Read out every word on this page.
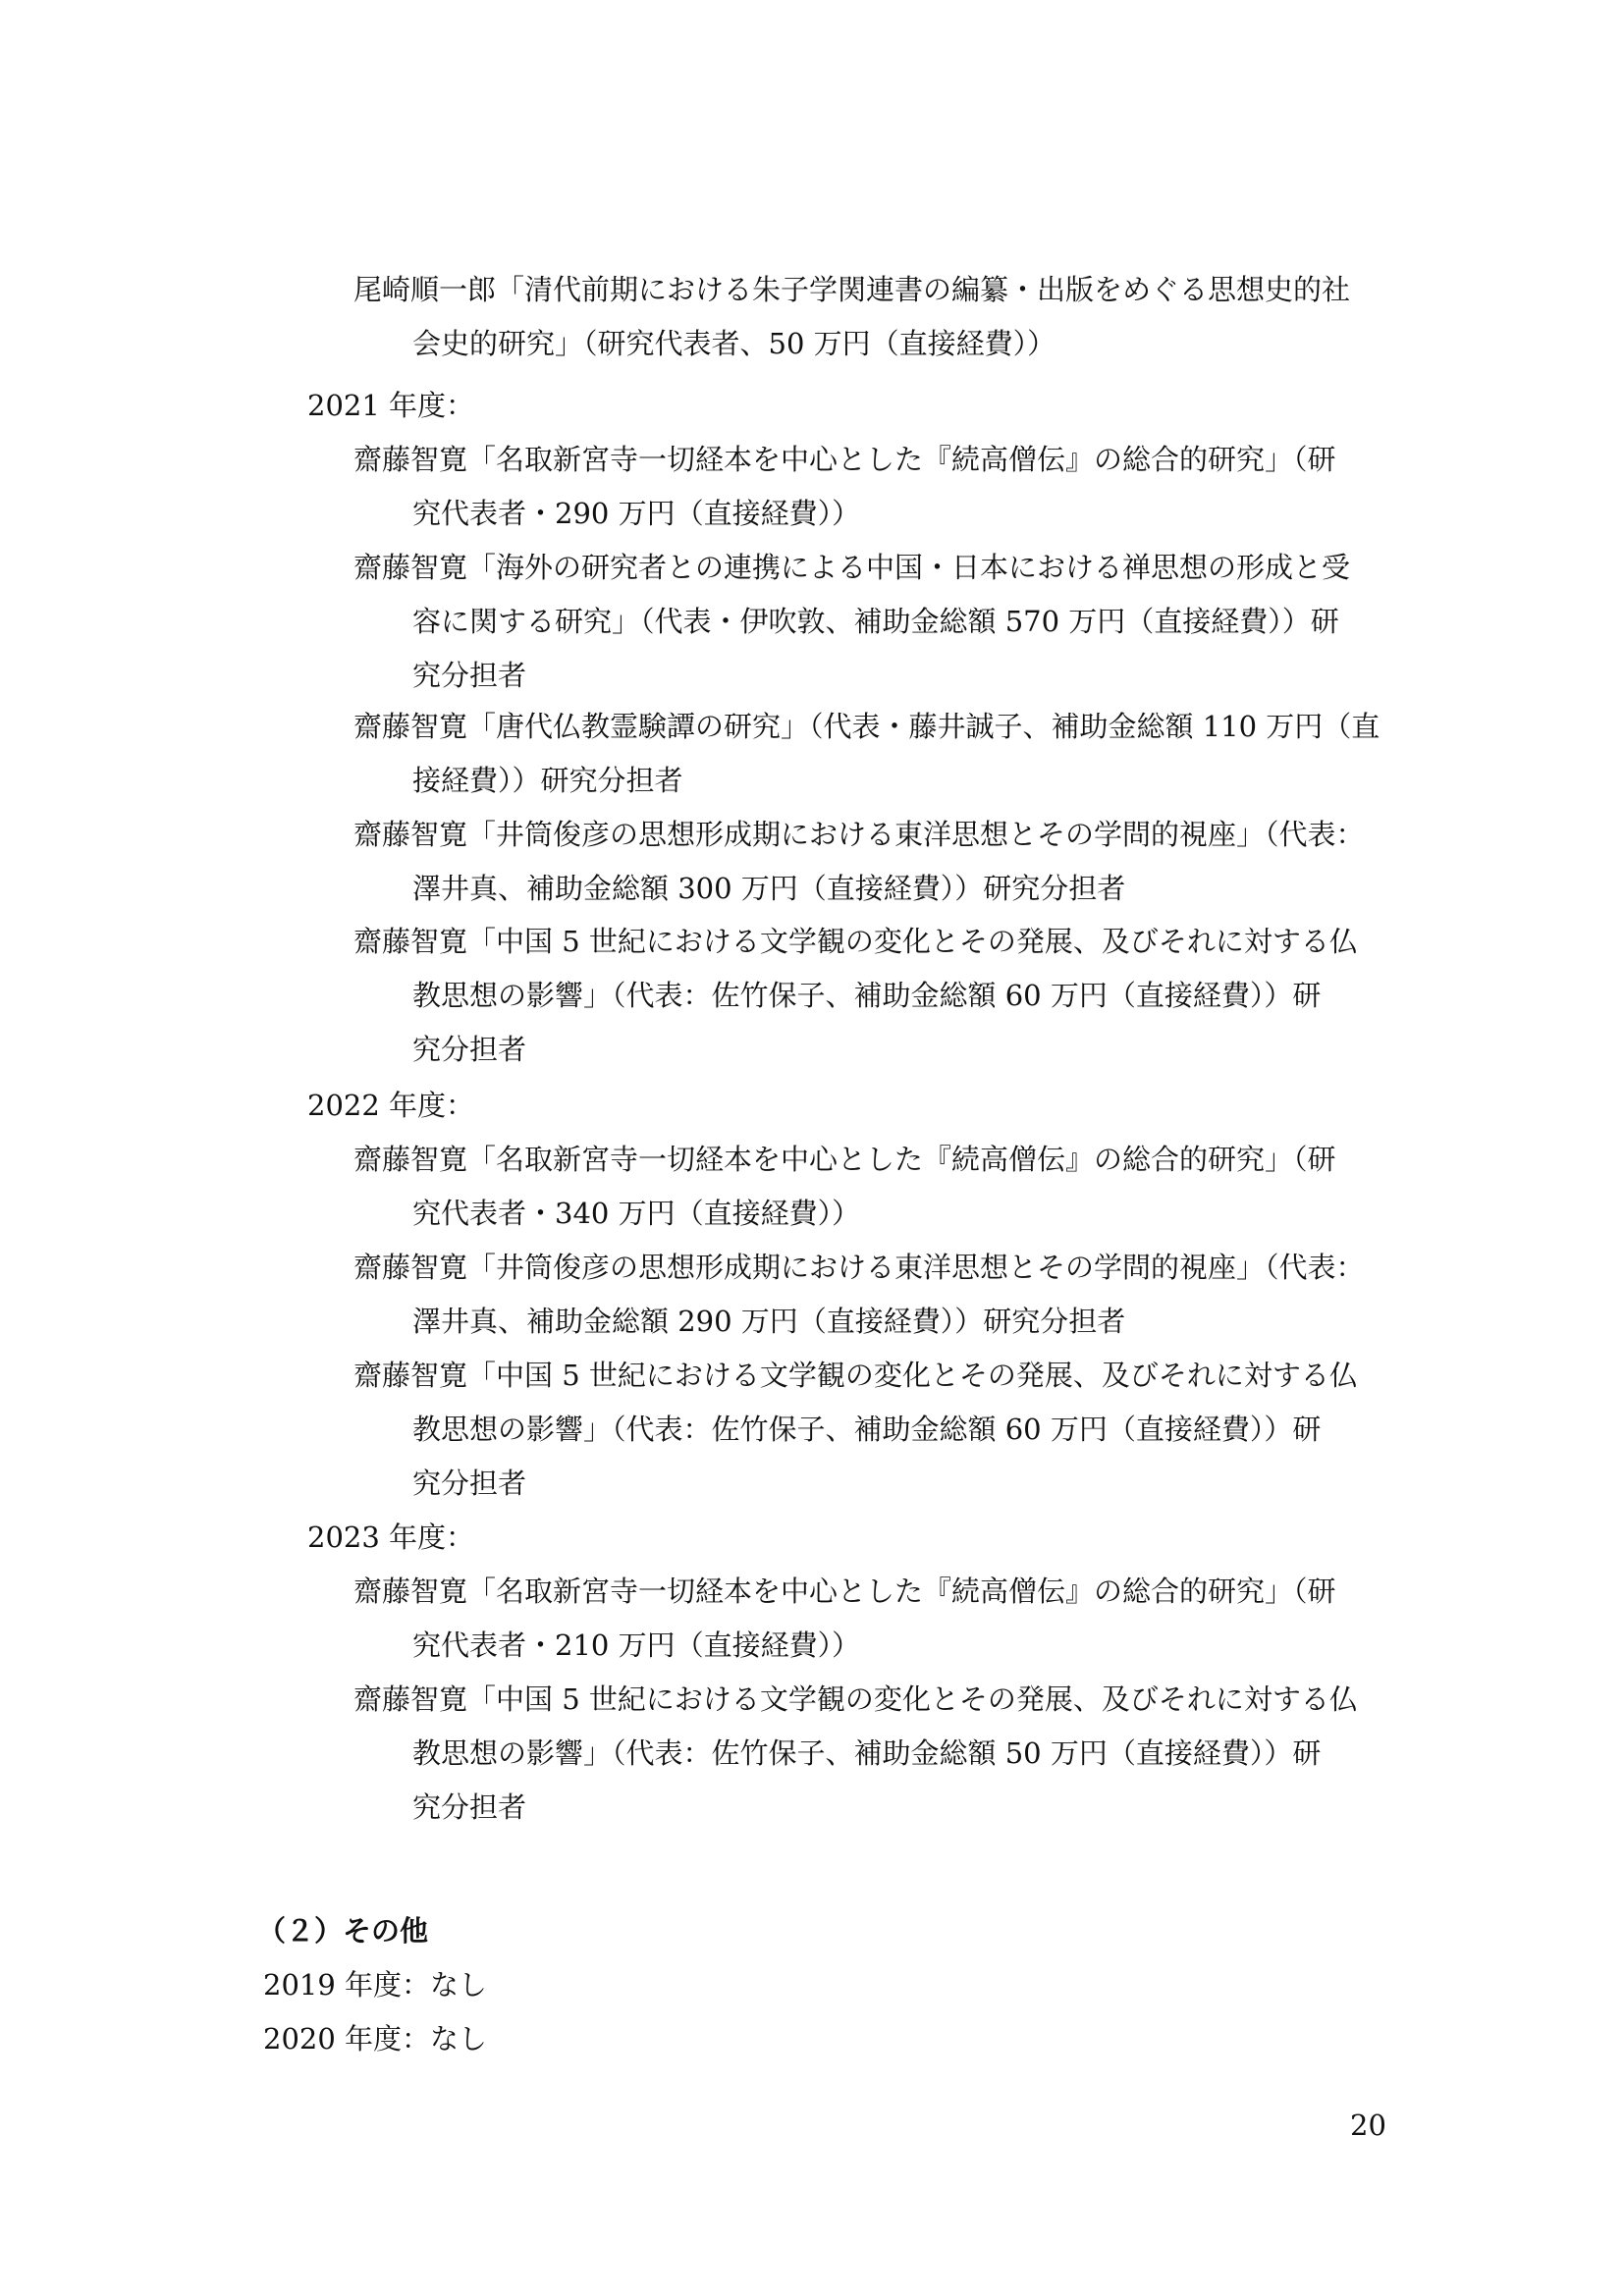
尾崎順一郎「清代前期における朱子学関連書の編纂・出版をめぐる思想史的社
会史的研究」（研究代表者、50 万円（直接経費））
2021 年度：
齋藤智寛「名取新宮寺一切経本を中心とした『続高僧伝』の総合的研究」（研
究代表者・290 万円（直接経費））
齋藤智寛「海外の研究者との連携による中国・日本における禅思想の形成と受
容に関する研究」（代表・伊吹敦、補助金総額 570 万円（直接経費））研
究分担者
齋藤智寛「唐代仏教霊験譚の研究」（代表・藤井誠子、補助金総額 110 万円（直
接経費））研究分担者
齋藤智寛「井筒俊彦の思想形成期における東洋思想とその学問的視座」（代表：
澤井真、補助金総額 300 万円（直接経費））研究分担者
齋藤智寛「中国 5 世紀における文学観の変化とその発展、及びそれに対する仏
教思想の影響」（代表：佐竹保子、補助金総額 60 万円（直接経費））研
究分担者
2022 年度：
齋藤智寛「名取新宮寺一切経本を中心とした『続高僧伝』の総合的研究」（研
究代表者・340 万円（直接経費））
齋藤智寛「井筒俊彦の思想形成期における東洋思想とその学問的視座」（代表：
澤井真、補助金総額 290 万円（直接経費））研究分担者
齋藤智寛「中国 5 世紀における文学観の変化とその発展、及びそれに対する仏
教思想の影響」（代表：佐竹保子、補助金総額 60 万円（直接経費））研
究分担者
2023 年度：
齋藤智寛「名取新宮寺一切経本を中心とした『続高僧伝』の総合的研究」（研
究代表者・210 万円（直接経費））
齋藤智寛「中国 5 世紀における文学観の変化とその発展、及びそれに対する仏
教思想の影響」（代表：佐竹保子、補助金総額 50 万円（直接経費））研
究分担者
（２）その他
2019 年度：なし
2020 年度：なし
20
